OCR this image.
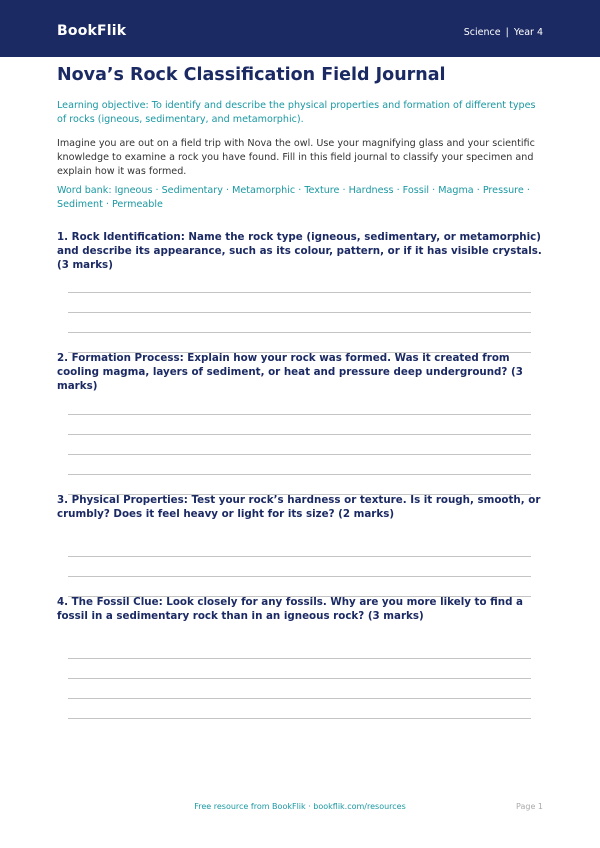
BookFlik	Science | Year 4
Nova’s Rock Classification Field Journal
Learning objective: To identify and describe the physical properties and formation of different types of rocks (igneous, sedimentary, and metamorphic).
Imagine you are out on a field trip with Nova the owl. Use your magnifying glass and your scientific knowledge to examine a rock you have found. Fill in this field journal to classify your specimen and explain how it was formed.
Word bank: Igneous · Sedimentary · Metamorphic · Texture · Hardness · Fossil · Magma · Pressure · Sediment · Permeable
1. Rock Identification: Name the rock type (igneous, sedimentary, or metamorphic) and describe its appearance, such as its colour, pattern, or if it has visible crystals. (3 marks)
2. Formation Process: Explain how your rock was formed. Was it created from cooling magma, layers of sediment, or heat and pressure deep underground? (3 marks)
3. Physical Properties: Test your rock’s hardness or texture. Is it rough, smooth, or crumbly? Does it feel heavy or light for its size? (2 marks)
4. The Fossil Clue: Look closely for any fossils. Why are you more likely to find a fossil in a sedimentary rock than in an igneous rock? (3 marks)
Free resource from BookFlik · bookflik.com/resources	Page 1
